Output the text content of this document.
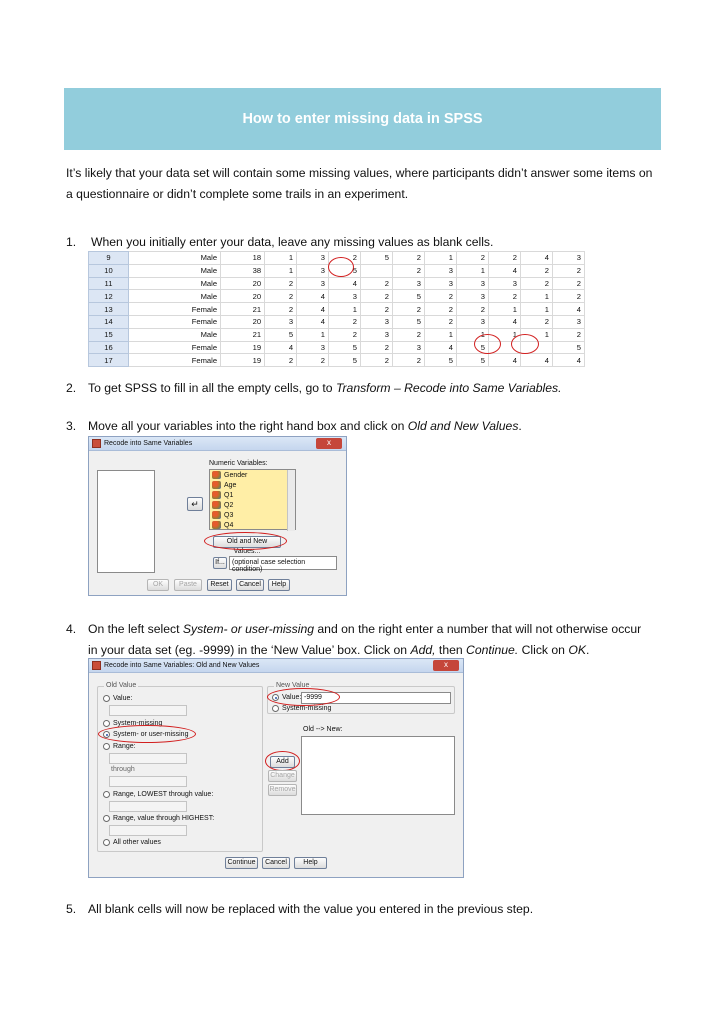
How to enter missing data in SPSS

It’s likely that your data set will contain some missing values, where participants didn’t answer some items on a questionnaire or didn’t complete some trails in an experiment.

1. When you initially enter your data, leave any missing values as blank cells.
9	Male	18	1	3	2	5	2	1	2	2	4	3
10	Male	38	1	3	5		2	3	1	4	2	2
11	Male	20	2	3	4	2	3	3	3	3	2	2
12	Male	20	2	4	3	2	5	2	3	2	1	2
13	Female	21	2	4	1	2	2	2	2	1	1	4
14	Female	20	3	4	2	3	5	2	3	4	2	3
15	Male	21	5	1	2	3	2	1	1	1	1	2
16	Female	19	4	3	5	2	3	4	5			5
17	Female	19	2	2	5	2	2	5	5	4	4	4
2. To get SPSS to fill in all the empty cells, go to Transform – Recode into Same Variables.
3. Move all your variables into the right hand box and click on Old and New Values.
Recode into Same Variables	x
↵
Numeric Variables:
Gender
Age
Q1
Q2
Q3
Q4
Old and New Values...
If...	(optional case selection condition)
OK	Paste	Reset	Cancel	Help
4. On the left select System- or user-missing and on the right enter a number that will not otherwise occur
in your data set (eg. -9999) in the ‘New Value’ box. Click on Add, then Continue. Click on OK.
Recode into Same Variables: Old and New Values	x
Old Value
Value:
System-missing
System- or user-missing
Range:
through
Range, LOWEST through value:
Range, value through HIGHEST:
All other values
New Value
Value: -9999
System-missing
Old --> New:
Add
Change
Remove
Continue	Cancel	Help
5. All blank cells will now be replaced with the value you entered in the previous step.
